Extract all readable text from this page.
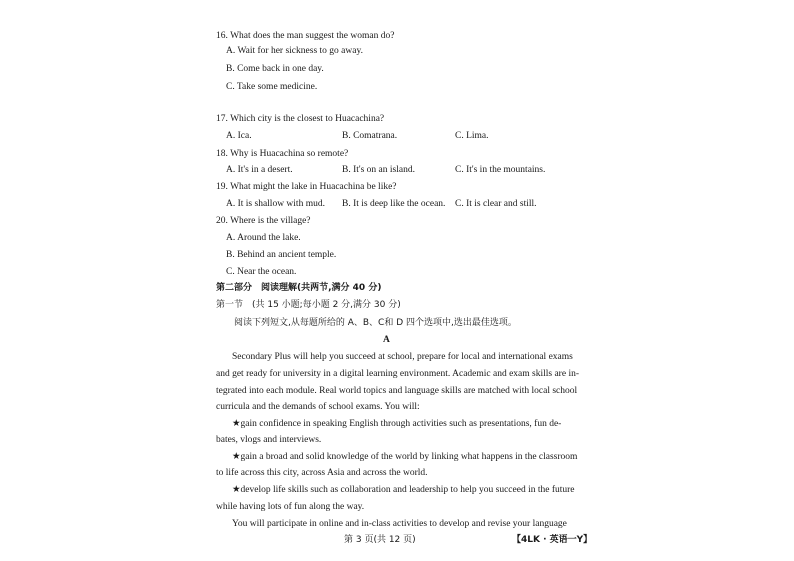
16. What does the man suggest the woman do?
A. Wait for her sickness to go away.
B. Come back in one day.
C. Take some medicine.
17. Which city is the closest to Huacachina?
A. Ica.	B. Comatrana.	C. Lima.
18. Why is Huacachina so remote?
A. It's in a desert.	B. It's on an island.	C. It's in the mountains.
19. What might the lake in Huacachina be like?
A. It is shallow with mud. B. It is deep like the ocean. C. It is clear and still.
20. Where is the village?
A. Around the lake.
B. Behind an ancient temple.
C. Near the ocean.
第二部分　阅读理解(共两节,满分 40 分)
第一节　(共 15 小题;每小题 2 分,满分 30 分)
阅读下列短文,从每题所给的 A、B、C和 D 四个选项中,选出最佳选项。
A
Secondary Plus will help you succeed at school, prepare for local and international exams
and get ready for university in a digital learning environment. Academic and exam skills are in-
tegrated into each module. Real world topics and language skills are matched with local school
curricula and the demands of school exams. You will:
★gain confidence in speaking English through activities such as presentations, fun de-
bates, vlogs and interviews.
★gain a broad and solid knowledge of the world by linking what happens in the classroom
to life across this city, across Asia and across the world.
★develop life skills such as collaboration and leadership to help you succeed in the future
while having lots of fun along the way.
You will participate in online and in-class activities to develop and revise your language
第 3 页(共 12 页)	【4LK · 英语一Y】
